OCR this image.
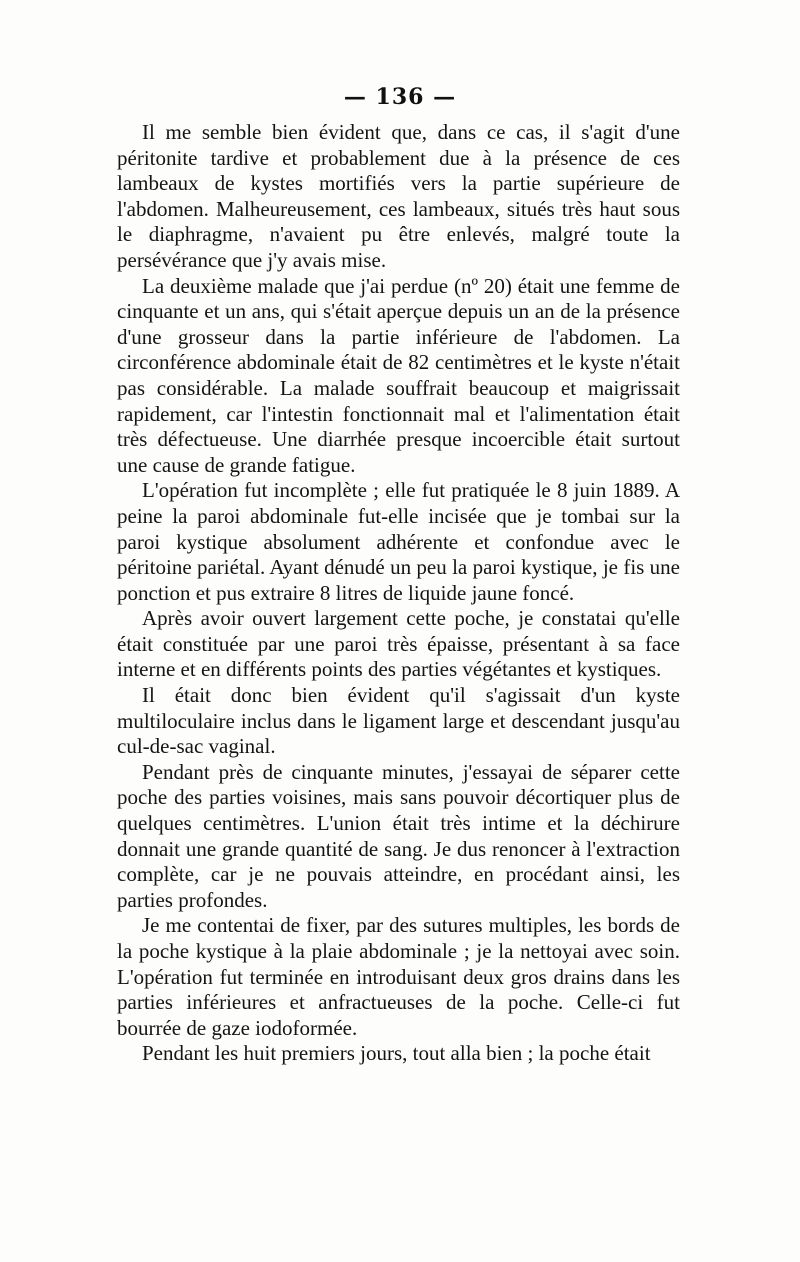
— 136 —

Il me semble bien évident que, dans ce cas, il s'agit d'une péritonite tardive et probablement due à la présence de ces lambeaux de kystes mortifiés vers la partie supérieure de l'abdomen. Malheureusement, ces lambeaux, situés très haut sous le diaphragme, n'avaient pu être enlevés, malgré toute la persévérance que j'y avais mise.

La deuxième malade que j'ai perdue (nº 20) était une femme de cinquante et un ans, qui s'était aperçue depuis un an de la présence d'une grosseur dans la partie inférieure de l'abdomen. La circonférence abdominale était de 82 centimètres et le kyste n'était pas considérable. La malade souffrait beaucoup et maigrissait rapidement, car l'intestin fonctionnait mal et l'alimentation était très défectueuse. Une diarrhée presque incoercible était surtout une cause de grande fatigue.

L'opération fut incomplète ; elle fut pratiquée le 8 juin 1889. A peine la paroi abdominale fut-elle incisée que je tombai sur la paroi kystique absolument adhérente et confondue avec le péritoine pariétal. Ayant dénudé un peu la paroi kystique, je fis une ponction et pus extraire 8 litres de liquide jaune foncé.

Après avoir ouvert largement cette poche, je constatai qu'elle était constituée par une paroi très épaisse, présentant à sa face interne et en différents points des parties végétantes et kystiques.

Il était donc bien évident qu'il s'agissait d'un kyste multiloculaire inclus dans le ligament large et descendant jusqu'au cul-de-sac vaginal.

Pendant près de cinquante minutes, j'essayai de séparer cette poche des parties voisines, mais sans pouvoir décortiquer plus de quelques centimètres. L'union était très intime et la déchirure donnait une grande quantité de sang. Je dus renoncer à l'extraction complète, car je ne pouvais atteindre, en procédant ainsi, les parties profondes.

Je me contentai de fixer, par des sutures multiples, les bords de la poche kystique à la plaie abdominale ; je la nettoyai avec soin. L'opération fut terminée en introduisant deux gros drains dans les parties inférieures et anfractueuses de la poche. Celle-ci fut bourrée de gaze iodoformée.

Pendant les huit premiers jours, tout alla bien ; la poche était
